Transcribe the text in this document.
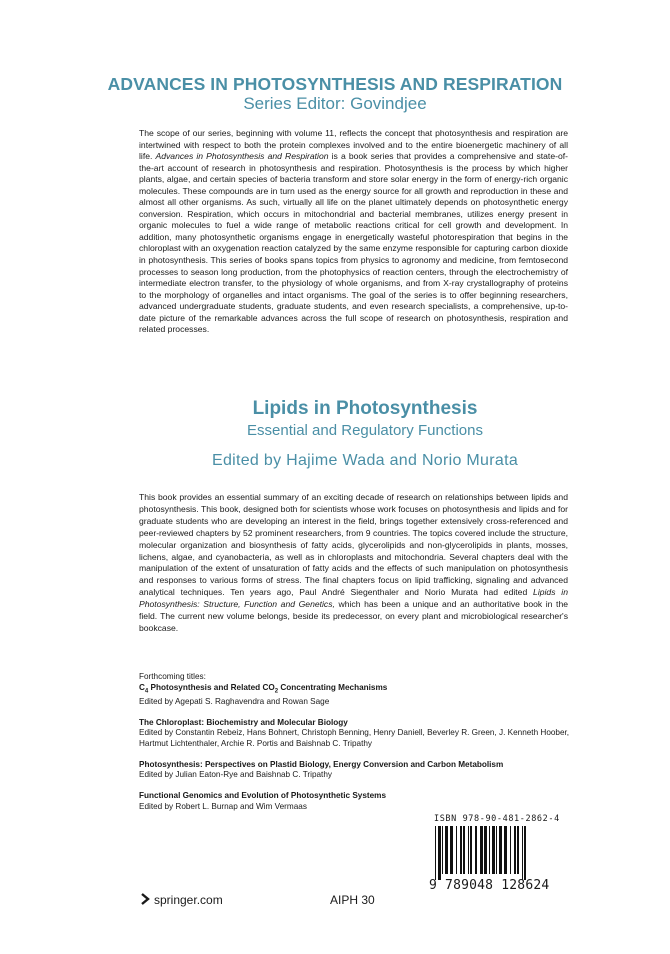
ADVANCES IN PHOTOSYNTHESIS AND RESPIRATION
Series Editor: Govindjee
The scope of our series, beginning with volume 11, reflects the concept that photosynthesis and respiration are intertwined with respect to both the protein complexes involved and to the entire bioenergetic machinery of all life. Advances in Photosynthesis and Respiration is a book series that provides a comprehensive and state-of-the-art account of research in photosynthesis and respiration. Photosynthesis is the process by which higher plants, algae, and certain species of bacteria transform and store solar energy in the form of energy-rich organic molecules. These compounds are in turn used as the energy source for all growth and reproduction in these and almost all other organisms. As such, virtually all life on the planet ultimately depends on photosynthetic energy conversion. Respiration, which occurs in mitochondrial and bacterial membranes, utilizes energy present in organic molecules to fuel a wide range of metabolic reactions critical for cell growth and development. In addition, many photosynthetic organisms engage in energetically wasteful photorespiration that begins in the chloroplast with an oxygenation reaction catalyzed by the same enzyme responsible for capturing carbon dioxide in photosynthesis. This series of books spans topics from physics to agronomy and medicine, from femtosecond processes to season long production, from the photophysics of reaction centers, through the electrochemistry of intermediate electron transfer, to the physiology of whole organisms, and from X-ray crystallography of proteins to the morphology of organelles and intact organisms. The goal of the series is to offer beginning researchers, advanced undergraduate students, graduate students, and even research specialists, a comprehensive, up-to-date picture of the remarkable advances across the full scope of research on photosynthesis, respiration and related processes.
Lipids in Photosynthesis
Essential and Regulatory Functions
Edited by Hajime Wada and Norio Murata
This book provides an essential summary of an exciting decade of research on relationships between lipids and photosynthesis. This book, designed both for scientists whose work focuses on photosynthesis and lipids and for graduate students who are developing an interest in the field, brings together extensively cross-referenced and peer-reviewed chapters by 52 prominent researchers, from 9 countries. The topics covered include the structure, molecular organization and biosynthesis of fatty acids, glycerolipids and non-glycerolipids in plants, mosses, lichens, algae, and cyanobacteria, as well as in chloroplasts and mitochondria. Several chapters deal with the manipulation of the extent of unsaturation of fatty acids and the effects of such manipulation on photosynthesis and responses to various forms of stress. The final chapters focus on lipid trafficking, signaling and advanced analytical techniques. Ten years ago, Paul André Siegenthaler and Norio Murata had edited Lipids in Photosynthesis: Structure, Function and Genetics, which has been a unique and an authoritative book in the field. The current new volume belongs, beside its predecessor, on every plant and microbiological researcher's bookcase.
Forthcoming titles:
$C_4$ Photosynthesis and Related $CO_2$ Concentrating Mechanisms
Edited by Agepati S. Raghavendra and Rowan Sage
The Chloroplast: Biochemistry and Molecular Biology
Edited by Constantin Rebeiz, Hans Bohnert, Christoph Benning, Henry Daniell, Beverley R. Green, J. Kenneth Hoober, Hartmut Lichtenthaler, Archie R. Portis and Baishnab C. Tripathy
Photosynthesis: Perspectives on Plastid Biology, Energy Conversion and Carbon Metabolism
Edited by Julian Eaton-Rye and Baishnab C. Tripathy
Functional Genomics and Evolution of Photosynthetic Systems
Edited by Robert L. Burnap and Wim Vermaas
ISBN 978-90-481-2862-4
9 789048 128624
springer.com	AIPH 30
